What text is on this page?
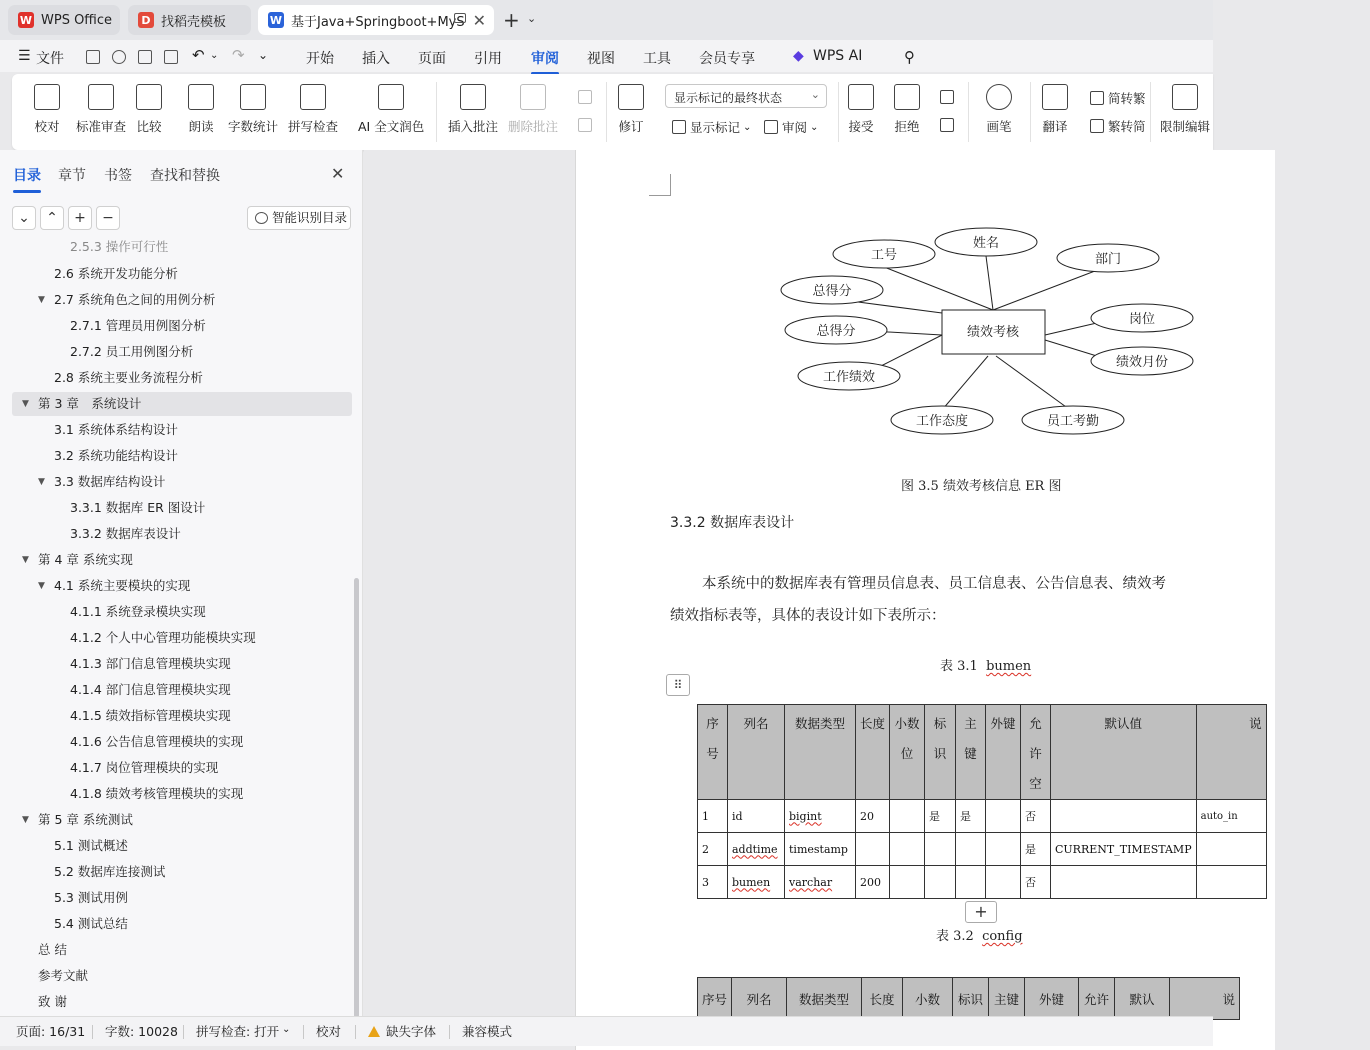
W WPS Office	D 找稻壳模板	W 基于Java+Springboot+MyS ✕ + ⌄
☰ 文件	↶ ⌄ ↷ ⌄	开始 插入 页面 引用 审阅 视图 工具 会员专享	◆ WPS AI	⚲
校对 标准审查 比较 朗读 字数统计 拼写检查 AI 全文润色 插入批注 删除批注	修订
显示标记的最终状态	⌄
显示标记 ⌄ 审阅 ⌄ 接受 拒绝	画笔 翻译
简转繁
繁转简 限制编辑
目录 章节 书签 查找和替换	✕
⌄	⌃	+	−	智能识别目录
2.5.3 操作可行性
2.6 系统开发功能分析
▼ 2.7 系统角色之间的用例分析
2.7.1 管理员用例图分析
2.7.2 员工用例图分析
2.8 系统主要业务流程分析
▼ 第 3 章　系统设计
3.1 系统体系结构设计
3.2 系统功能结构设计
▼ 3.3 数据库结构设计
3.3.1 数据库 ER 图设计
3.3.2 数据库表设计
▼ 第 4 章 系统实现
▼ 4.1 系统主要模块的实现
4.1.1 系统登录模块实现
4.1.2 个人中心管理功能模块实现
4.1.3 部门信息管理模块实现
4.1.4 部门信息管理模块实现
4.1.5 绩效指标管理模块实现
4.1.6 公告信息管理模块的实现
4.1.7 岗位管理模块的实现
4.1.8 绩效考核管理模块的实现
▼ 第 5 章 系统测试
5.1 测试概述
5.2 数据库连接测试
5.3 测试用例
5.4 测试总结
总 结
参考文献
致 谢
姓名
工号	部门
总得分
岗位
总得分
绩效月份
工作绩效
工作态度	员工考勤
绩效考核
图 3.5 绩效考核信息 ER 图
3.3.2 数据库表设计
本系统中的数据库表有管理员信息表、员工信息表、公告信息表、绩效考
绩效指标表等，具体的表设计如下表所示：
表 3.1 bumen
⠿
序号	列名	数据类型	长度	小数位	标识	主键	外键	允许空	默认值	说
1	id	bigint	20		是	是		否		auto_in
2	addtime	timestamp						是	CURRENT_TIMESTAMP	
3	bumen	varchar	200					否		
+
表 3.2 config
序号	列名	数据类型	长度	小数	标识	主键	外键	允许	默认	说
页面: 16/31 字数: 10028 拼写检查: 打开 ⌄ 校对	缺失字体 兼容模式
